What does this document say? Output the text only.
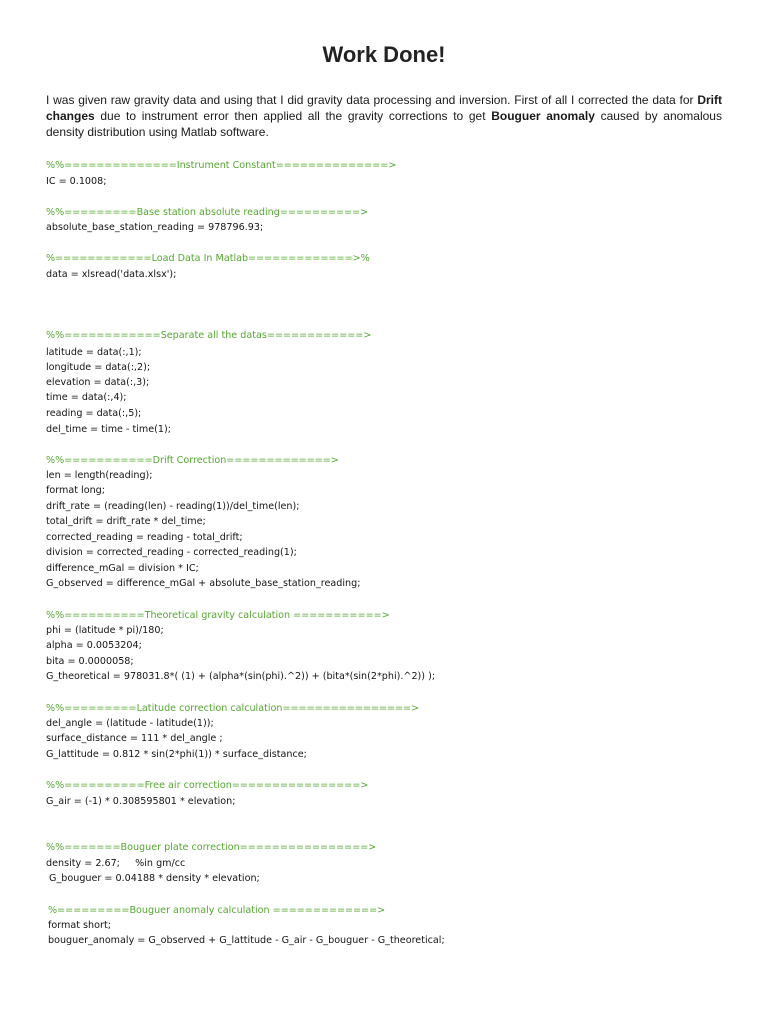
Work Done!

I was given raw gravity data and using that I did gravity data processing and inversion. First of all I corrected the data for Drift changes due to instrument error then applied all the gravity corrections to get Bouguer anomaly caused by anomalous density distribution using Matlab software.

%%==============Instrument Constant==============>
IC = 0.1008;
%%=========Base station absolute reading==========>
absolute_base_station_reading = 978796.93;
%============Load Data In Matlab=============>%
data = xlsread('data.xlsx');
%%============Separate all the datas============>
latitude = data(:,1);
longitude = data(:,2);
elevation = data(:,3);
time = data(:,4);
reading = data(:,5);
del_time = time - time(1);
%%===========Drift Correction=============>
len = length(reading);
format long;
drift_rate = (reading(len) - reading(1))/del_time(len);
total_drift = drift_rate * del_time;
corrected_reading = reading - total_drift;
division = corrected_reading - corrected_reading(1);
difference_mGal = division * IC;
G_observed = difference_mGal + absolute_base_station_reading;
%%==========Theoretical gravity calculation ===========>
phi = (latitude * pi)/180;
alpha = 0.0053204;
bita = 0.0000058;
G_theoretical = 978031.8*( (1) + (alpha*(sin(phi).^2)) + (bita*(sin(2*phi).^2)) );
%%=========Latitude correction calculation================>
del_angle = (latitude - latitude(1));
surface_distance = 111 * del_angle ;
G_lattitude = 0.812 * sin(2*phi(1)) * surface_distance;
%%==========Free air correction================>
G_air = (-1) * 0.308595801 * elevation;
%%=======Bouguer plate correction================>
density = 2.67;     %in gm/cc
G_bouguer = 0.04188 * density * elevation;
%=========Bouguer anomaly calculation =============>
format short;
bouguer_anomaly = G_observed + G_lattitude - G_air - G_bouguer - G_theoretical;
